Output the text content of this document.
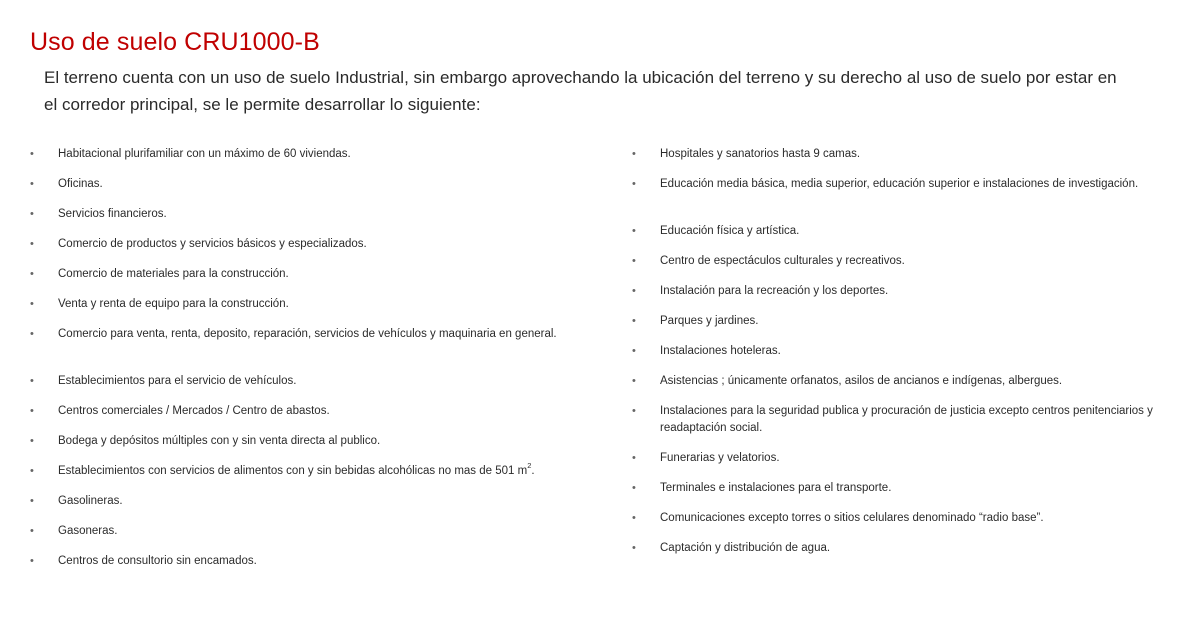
Uso de suelo CRU1000-B

El terreno cuenta con un uso de suelo Industrial, sin embargo aprovechando la ubicación del terreno y su derecho al uso de suelo por estar en el corredor principal, se le permite desarrollar lo siguiente:

•	Habitacional plurifamiliar con un máximo de 60 viviendas.
•	Oficinas.
•	Servicios financieros.
•	Comercio de productos y servicios básicos y especializados.
•	Comercio de materiales para la construcción.
•	Venta y renta de equipo para la construcción.
•	Comercio para venta, renta, deposito, reparación, servicios de vehículos y maquinaria en general.
•	Establecimientos para el servicio de vehículos.
•	Centros comerciales / Mercados / Centro de abastos.
•	Bodega y depósitos múltiples con y sin venta directa al publico.
•	Establecimientos con servicios de alimentos con y sin bebidas alcohólicas no mas de 501 $m^2$.
•	Gasolineras.
•	Gasoneras.
•	Centros de consultorio sin encamados.
•	Hospitales y sanatorios hasta 9 camas.
•	Educación media básica, media superior, educación superior e instalaciones de investigación.
•	Educación física y artística.
•	Centro de espectáculos culturales y recreativos.
•	Instalación para la recreación y los deportes.
•	Parques y jardines.
•	Instalaciones hoteleras.
•	Asistencias ; únicamente orfanatos, asilos de ancianos e indígenas, albergues.
•	Instalaciones para la seguridad publica y procuración de justicia excepto centros penitenciarios y readaptación social.
•	Funerarias y velatorios.
•	Terminales e instalaciones para el transporte.
•	Comunicaciones excepto torres o sitios celulares denominado “radio base”.
•	Captación y distribución de agua.
